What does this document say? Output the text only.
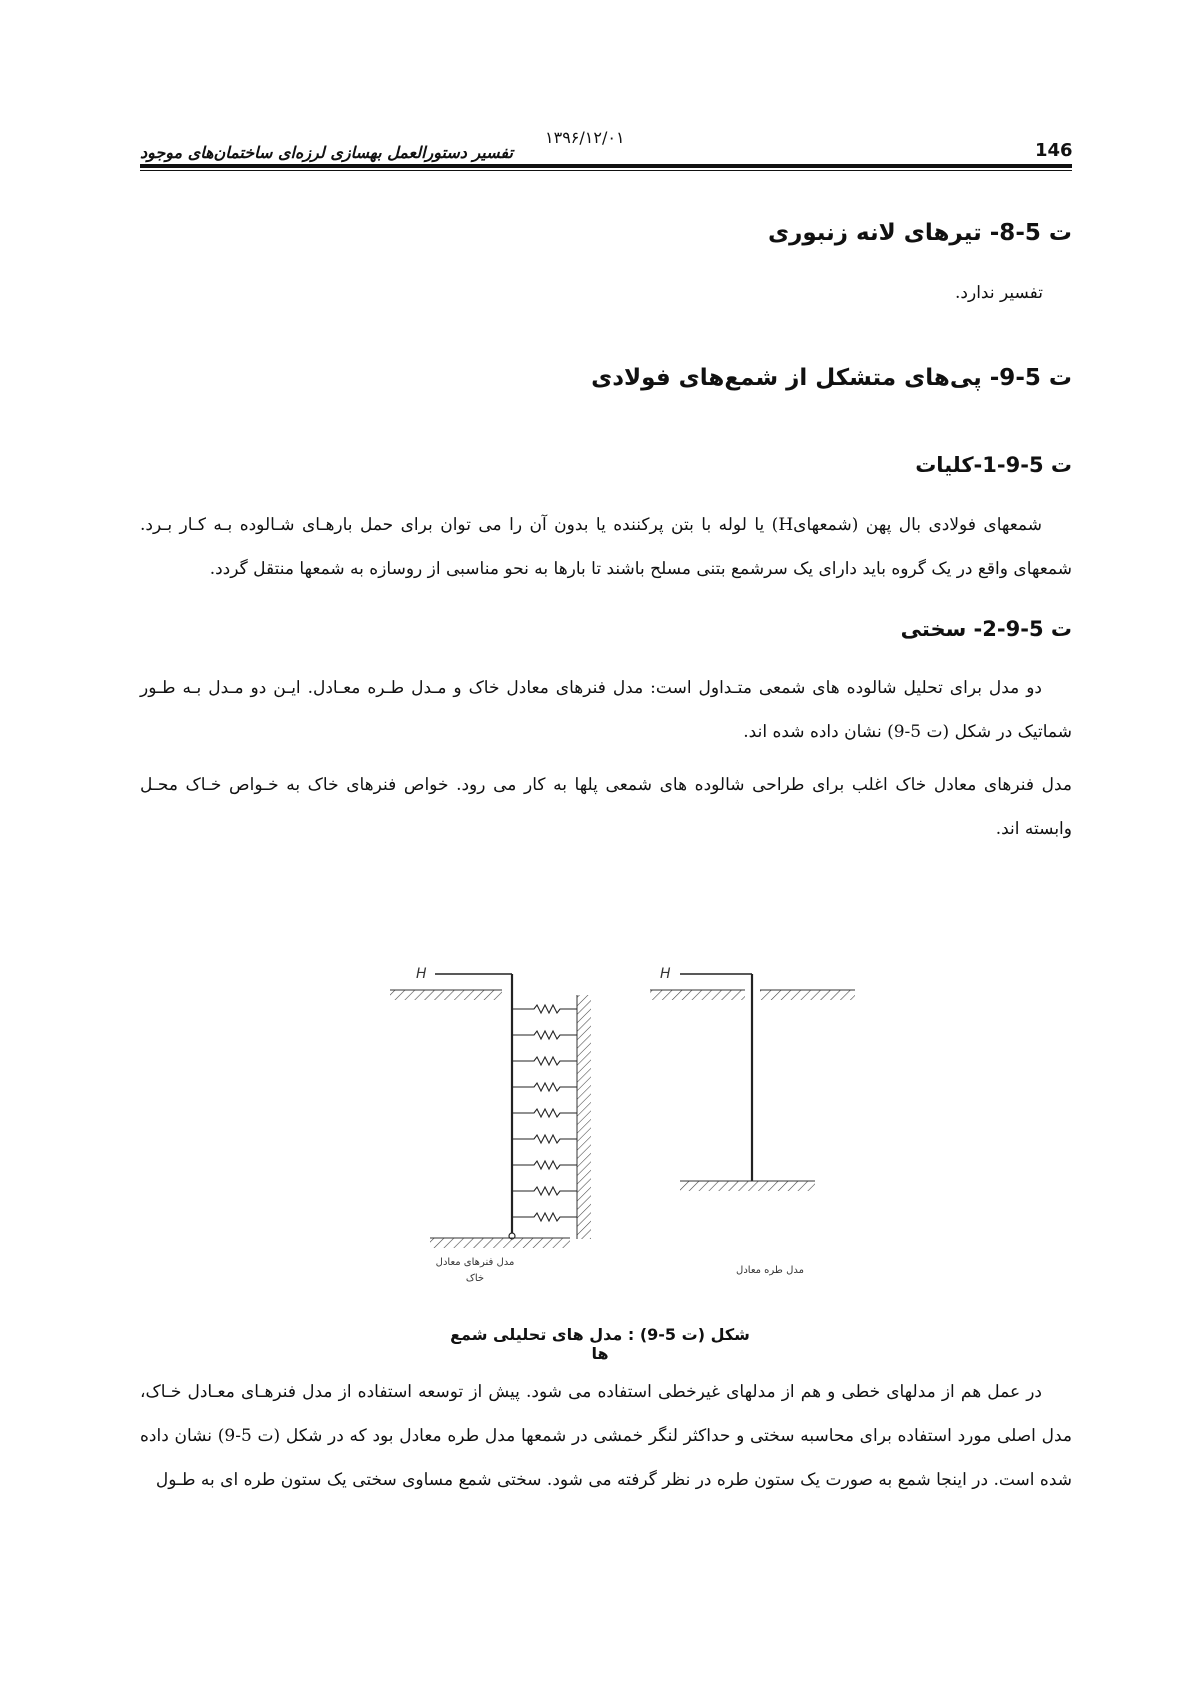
۱۳۹۶/۱۲/۰۱
146
تفسیر دستورالعمل بهسازی لرزه‌ای ساختمان‌های موجود
ت 5-8- تیرهای لانه زنبوری
تفسیر ندارد.
ت 5-9- پی‌های متشکل از شمع‌های فولادی
ت 5-9-1-کلیات
شمعهای فولادی بال پهن (شمعهایH) یا لوله با بتن پرکننده یا بدون آن را می توان برای حمل بارهـای شـالوده بـه کـار بـرد. شمعهای واقع در یک گروه باید دارای یک سرشمع بتنی مسلح باشند تا بارها به نحو مناسبی از روسازه به شمعها منتقل گردد.
ت 5-9-2- سختی
دو مدل برای تحلیل شالوده های شمعی متـداول است: مدل فنرهای معادل خاک و مـدل طـره معـادل. ایـن دو مـدل بـه طـور شماتیک در شکل (ت 5-9) نشان داده شده اند.
مدل فنرهای معادل خاک اغلب برای طراحی شالوده های شمعی پلها به کار می رود. خواص فنرهای خاک به خـواص خـاک محـل وابسته اند.
H	H
مدل فنرهای معادل خاک
مدل طره معادل
شکل (ت 5-9) : مدل های تحلیلی شمع ها
در عمل هم از مدلهای خطی و هم از مدلهای غیرخطی استفاده می شود. پیش از توسعه استفاده از مدل فنرهـای معـادل خـاک، مدل اصلی مورد استفاده برای محاسبه سختی و حداکثر لنگر خمشی در شمعها مدل طره معادل بود که در شکل (ت 5-9) نشان داده شده است. در اینجا شمع به صورت یک ستون طره در نظر گرفته می شود. سختی شمع مساوی سختی یک ستون طره ای به طـول
